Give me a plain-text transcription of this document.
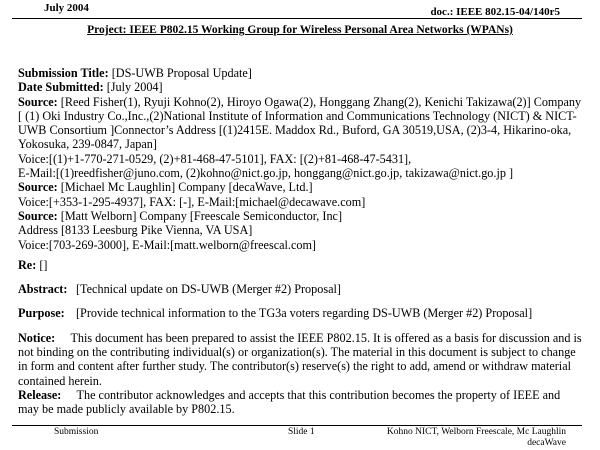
July 2004	doc.: IEEE 802.15-04/140r5
Project: IEEE P802.15 Working Group for Wireless Personal Area Networks (WPANs)

Submission Title: [DS-UWB Proposal Update]

Date Submitted: [July 2004]

Source: [Reed Fisher(1), Ryuji Kohno(2), Hiroyo Ogawa(2), Honggang Zhang(2), Kenichi Takizawa(2)] Company [ (1) Oki Industry Co.,Inc.,(2)National Institute of Information and Communications Technology (NICT) & NICT-UWB Consortium ]Connector’s Address [(1)2415E. Maddox Rd., Buford, GA 30519,USA, (2)3-4, Hikarino-oka, Yokosuka, 239-0847, Japan]

Voice:[(1)+1-770-271-0529, (2)+81-468-47-5101], FAX: [(2)+81-468-47-5431],

E-Mail:[(1)reedfisher@juno.com, (2)kohno@nict.go.jp, honggang@nict.go.jp, takizawa@nict.go.jp ]

Source: [Michael Mc Laughlin] Company [decaWave, Ltd.]

Voice:[+353-1-295-4937], FAX: [-], E-Mail:[michael@decawave.com]

Source: [Matt Welborn] Company [Freescale Semiconductor, Inc]

Address [8133 Leesburg Pike Vienna, VA USA]

Voice:[703-269-3000], E-Mail:[matt.welborn@freescal.com]

Re: []

Abstract: [Technical update on DS-UWB (Merger #2) Proposal]
Purpose: [Provide technical information to the TG3a voters regarding DS-UWB (Merger #2) Proposal]

Notice: This document has been prepared to assist the IEEE P802.15. It is offered as a basis for discussion and is not binding on the contributing individual(s) or organization(s). The material in this document is subject to change in form and content after further study. The contributor(s) reserve(s) the right to add, amend or withdraw material contained herein.

Release: The contributor acknowledges and accepts that this contribution becomes the property of IEEE and may be made publicly available by P802.15.

Submission	Slide 1	Kohno NICT, Welborn Freescale, Mc Laughlin decaWave
